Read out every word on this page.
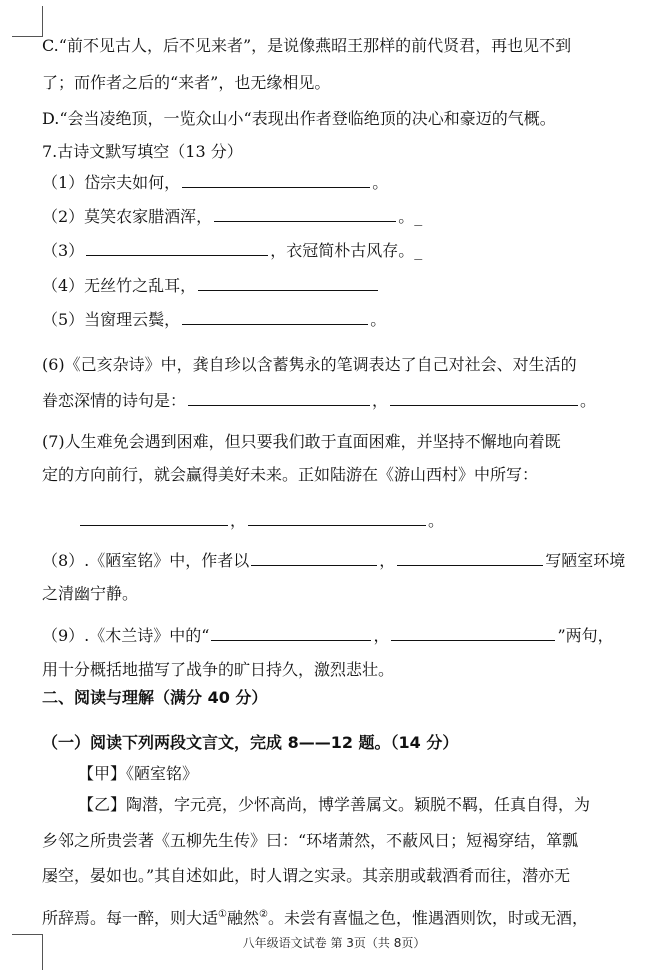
C.“前不见古人，后不见来者”，是说像燕昭王那样的前代贤君，再也见不到
了；而作者之后的“来者”，也无缘相见。
D.“会当凌绝顶，一览众山小“表现出作者登临绝顶的决心和豪迈的气概。
7.古诗文默写填空（13 分）
（1）岱宗夫如何，	。
（2）莫笑农家腊酒浑，	。_
（3）	，衣冠简朴古风存。_
（4）无丝竹之乱耳，
（5）当窗理云鬓，	。
(6)《己亥杂诗》中，龚自珍以含蓄隽永的笔调表达了自己对社会、对生活的
眷恋深情的诗句是：	，	。
(7)人生难免会遇到困难，但只要我们敢于直面困难，并坚持不懈地向着既
定的方向前行，就会赢得美好未来。正如陆游在《游山西村》中所写：
，	。
（8）.《陋室铭》中，作者以	，	写陋室环境
之清幽宁静。
（9）.《木兰诗》中的“	，	”两句，
用十分概括地描写了战争的旷日持久，激烈悲壮。
二、阅读与理解（满分 40 分）
（一）阅读下列两段文言文，完成 8——12 题。（14 分）
【甲】《陋室铭》
【乙】陶潜，字元亮，少怀高尚，博学善属文。颖脱不羁，任真自得，为
乡邻之所贵尝著《五柳先生传》曰：“环堵萧然，不蔽风日；短褐穿结，箪瓢
屡空，晏如也。”其自述如此，时人谓之实录。其亲朋或载酒肴而往，潜亦无
所辞焉。每一醉，则大适①融然②。未尝有喜愠之色，惟遇酒则饮，时或无酒，
八年级语文试卷 第 3页（共 8页）
